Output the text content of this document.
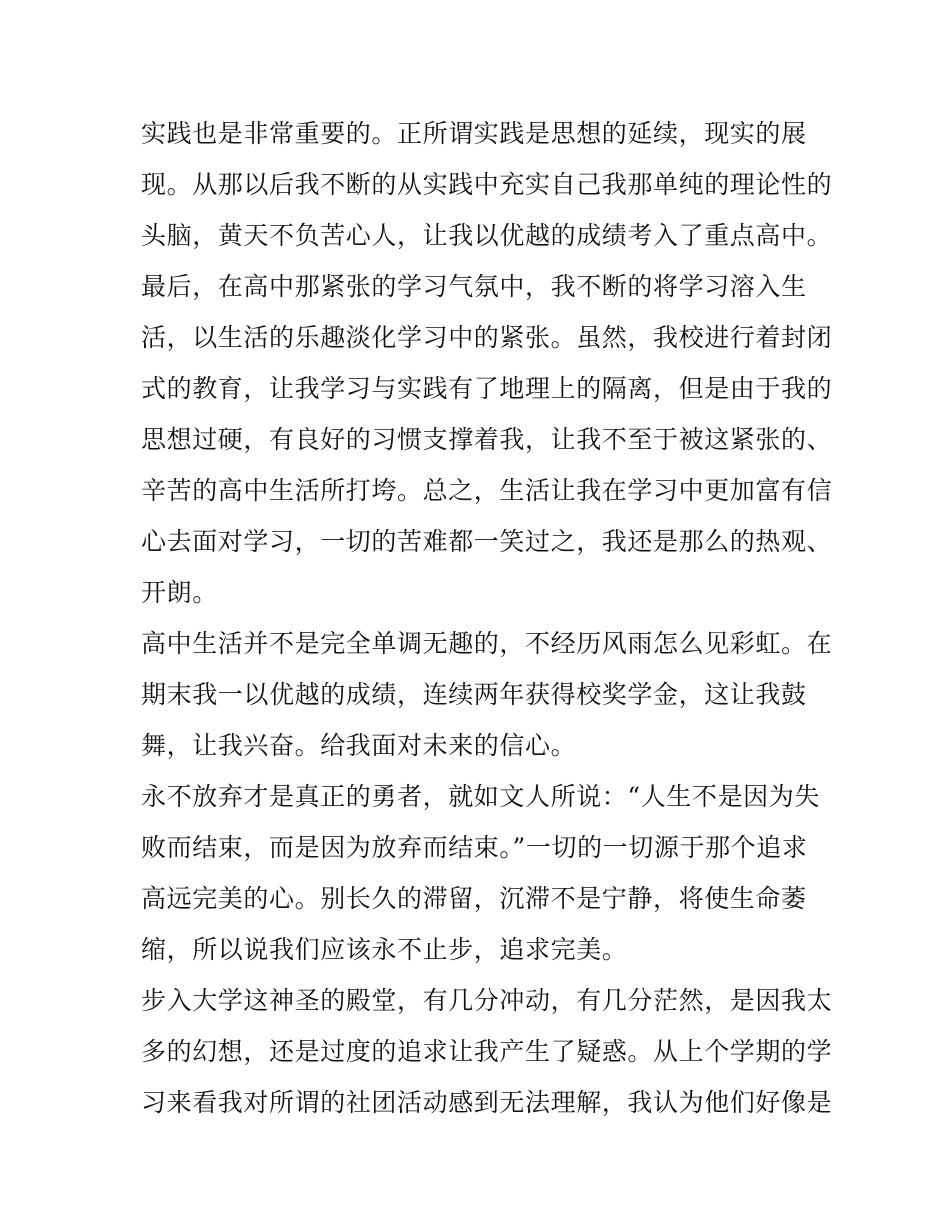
实践也是非常重要的。正所谓实践是思想的延续，现实的展
现。从那以后我不断的从实践中充实自己我那单纯的理论性的
头脑，黄天不负苦心人，让我以优越的成绩考入了重点高中。
最后，在高中那紧张的学习气氛中，我不断的将学习溶入生
活，以生活的乐趣淡化学习中的紧张。虽然，我校进行着封闭
式的教育，让我学习与实践有了地理上的隔离，但是由于我的
思想过硬，有良好的习惯支撑着我，让我不至于被这紧张的、
辛苦的高中生活所打垮。总之，生活让我在学习中更加富有信
心去面对学习，一切的苦难都一笑过之，我还是那么的热观、
开朗。
高中生活并不是完全单调无趣的，不经历风雨怎么见彩虹。在
期末我一以优越的成绩，连续两年获得校奖学金，这让我鼓
舞，让我兴奋。给我面对未来的信心。
永不放弃才是真正的勇者，就如文人所说：“人生不是因为失
败而结束，而是因为放弃而结束。”一切的一切源于那个追求
高远完美的心。别长久的滞留，沉滞不是宁静，将使生命萎
缩，所以说我们应该永不止步，追求完美。
步入大学这神圣的殿堂，有几分冲动，有几分茫然，是因我太
多的幻想，还是过度的追求让我产生了疑惑。从上个学期的学
习来看我对所谓的社团活动感到无法理解，我认为他们好像是
